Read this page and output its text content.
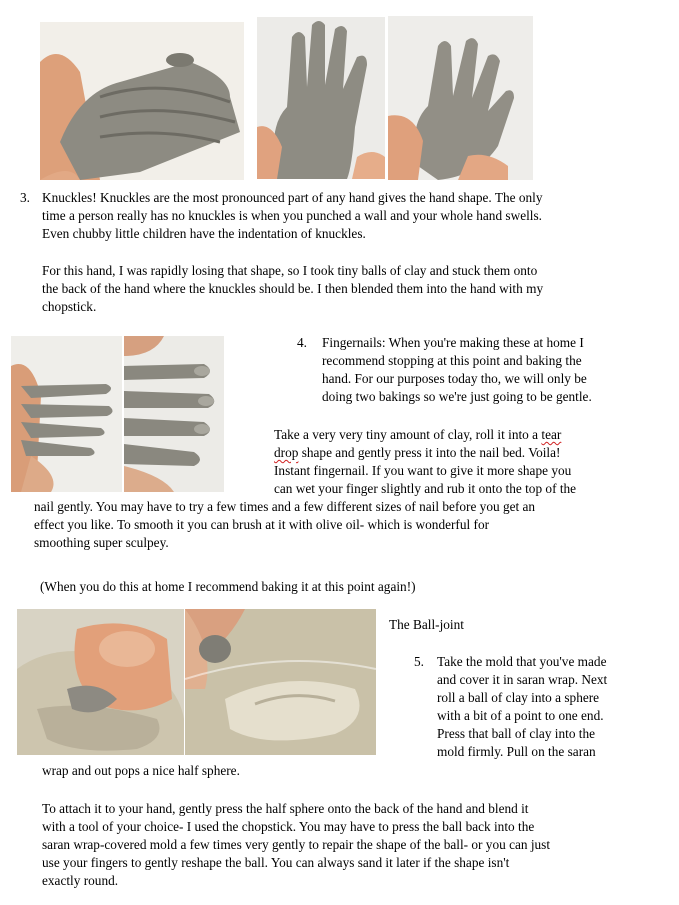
3. Knuckles! Knuckles are the most pronounced part of any hand gives the hand shape. The only
time a person really has no knuckles is when you punched a wall and your whole hand swells.
Even chubby little children have the indentation of knuckles.
For this hand, I was rapidly losing that shape, so I took tiny balls of clay and stuck them onto
the back of the hand where the knuckles should be. I then blended them into the hand with my
chopstick.
4. Fingernails: When you're making these at home I
recommend stopping at this point and baking the
hand. For our purposes today tho, we will only be
doing two bakings so we're just going to be gentle.
Take a very very tiny amount of clay, roll it into a tear
drop shape and gently press it into the nail bed. Voila!
Instant fingernail. If you want to give it more shape you
can wet your finger slightly and rub it onto the top of the
nail gently. You may have to try a few times and a few different sizes of nail before you get an
effect you like. To smooth it you can brush at it with olive oil- which is wonderful for
smoothing super sculpey.
(When you do this at home I recommend baking it at this point again!)
The Ball-joint
5. Take the mold that you've made
and cover it in saran wrap. Next
roll a ball of clay into a sphere
with a bit of a point to one end.
Press that ball of clay into the
mold firmly. Pull on the saran
wrap and out pops a nice half sphere.
To attach it to your hand, gently press the half sphere onto the back of the hand and blend it
with a tool of your choice- I used the chopstick. You may have to press the ball back into the
saran wrap-covered mold a few times very gently to repair the shape of the ball- or you can just
use your fingers to gently reshape the ball. You can always sand it later if the shape isn't
exactly round.
